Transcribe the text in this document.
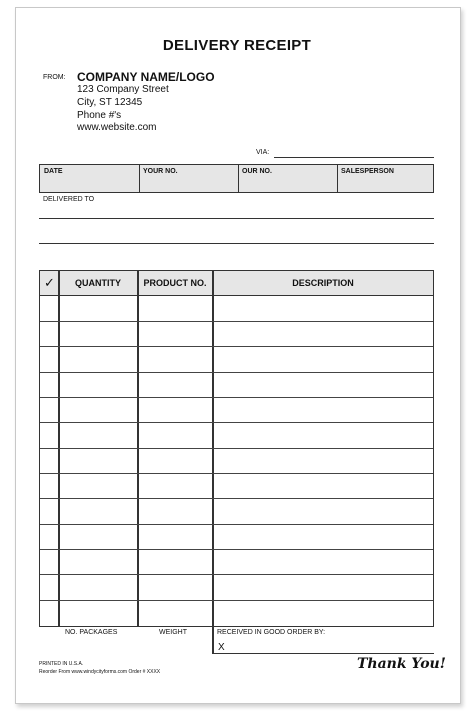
DELIVERY RECEIPT
FROM: COMPANY NAME/LOGO
123 Company Street
City, ST 12345
Phone #'s
www.website.com
VIA:
DATE	YOUR NO.	OUR NO.	SALESPERSON
DELIVERED TO
✓	QUANTITY	PRODUCT NO.	DESCRIPTION
NO. PACKAGES	WEIGHT	RECEIVED IN GOOD ORDER BY:
X
PRINTED IN U.S.A.
Reorder From www.windycityforms.com Order # XXXX	Thank You!
